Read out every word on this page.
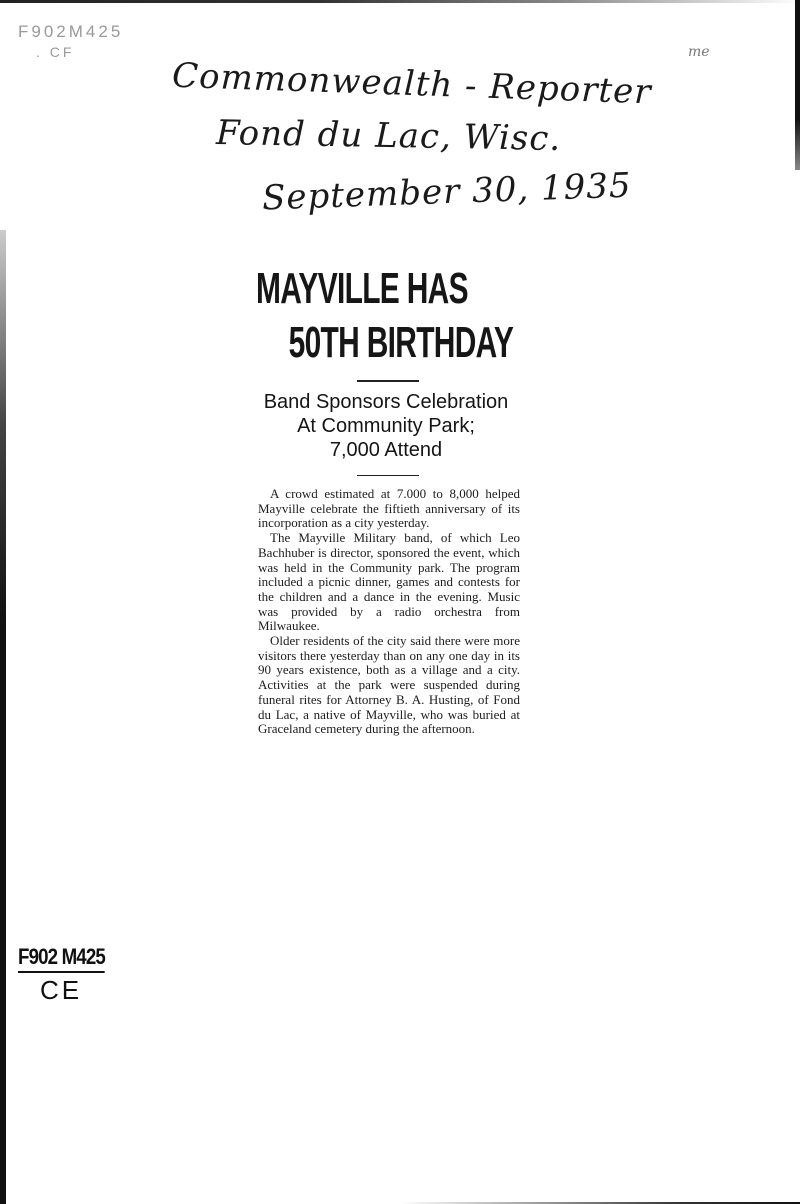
F902M425
. CF
Commonwealth - Reporter
Fond du Lac, Wisc.
September 30, 1935
me
MAYVILLE HAS
50TH BIRTHDAY
Band Sponsors Celebration
At Community Park;
7,000 Attend

A crowd estimated at 7.000 to 8,000 helped Mayville celebrate the fiftieth anniversary of its incorporation as a city yesterday.

The Mayville Military band, of which Leo Bachhuber is director, sponsored the event, which was held in the Community park. The program included a picnic dinner, games and contests for the children and a dance in the evening. Music was provided by a radio orchestra from Milwaukee.

Older residents of the city said there were more visitors there yesterday than on any one day in its 90 years existence, both as a village and a city. Activities at the park were suspended during funeral rites for Attorney B. A. Husting, of Fond du Lac, a native of Mayville, who was buried at Graceland cemetery during the afternoon.

F902 M425
CE
